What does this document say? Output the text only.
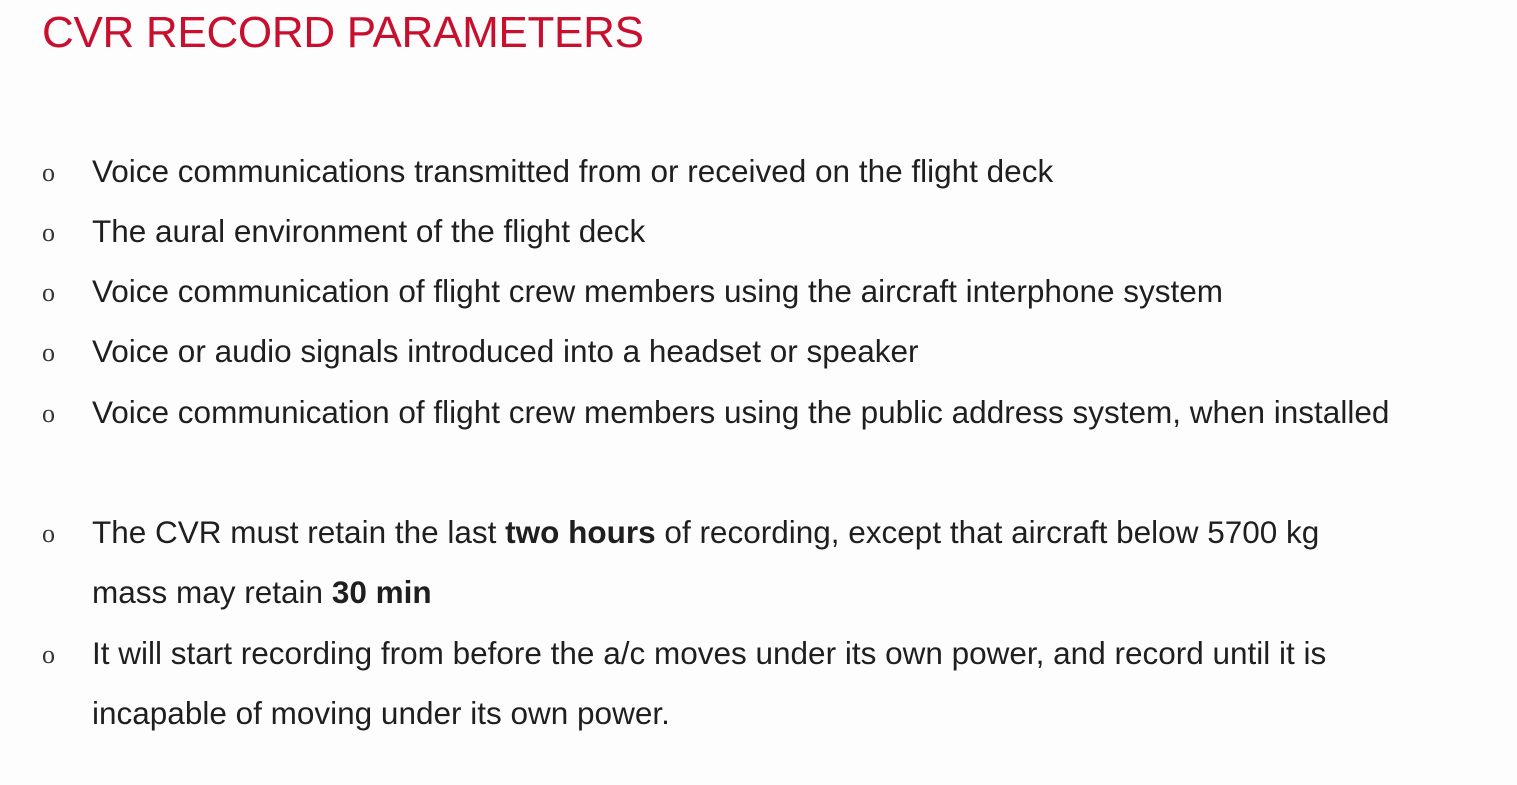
CVR RECORD PARAMETERS
o Voice communications transmitted from or received on the flight deck
o The aural environment of the flight deck
o Voice communication of flight crew members using the aircraft interphone system
o Voice or audio signals introduced into a headset or speaker
o Voice communication of flight crew members using the public address system, when installed
o The CVR must retain the last two hours of recording, except that aircraft below 5700 kg
mass may retain 30 min
o It will start recording from before the a/c moves under its own power, and record until it is
incapable of moving under its own power.
